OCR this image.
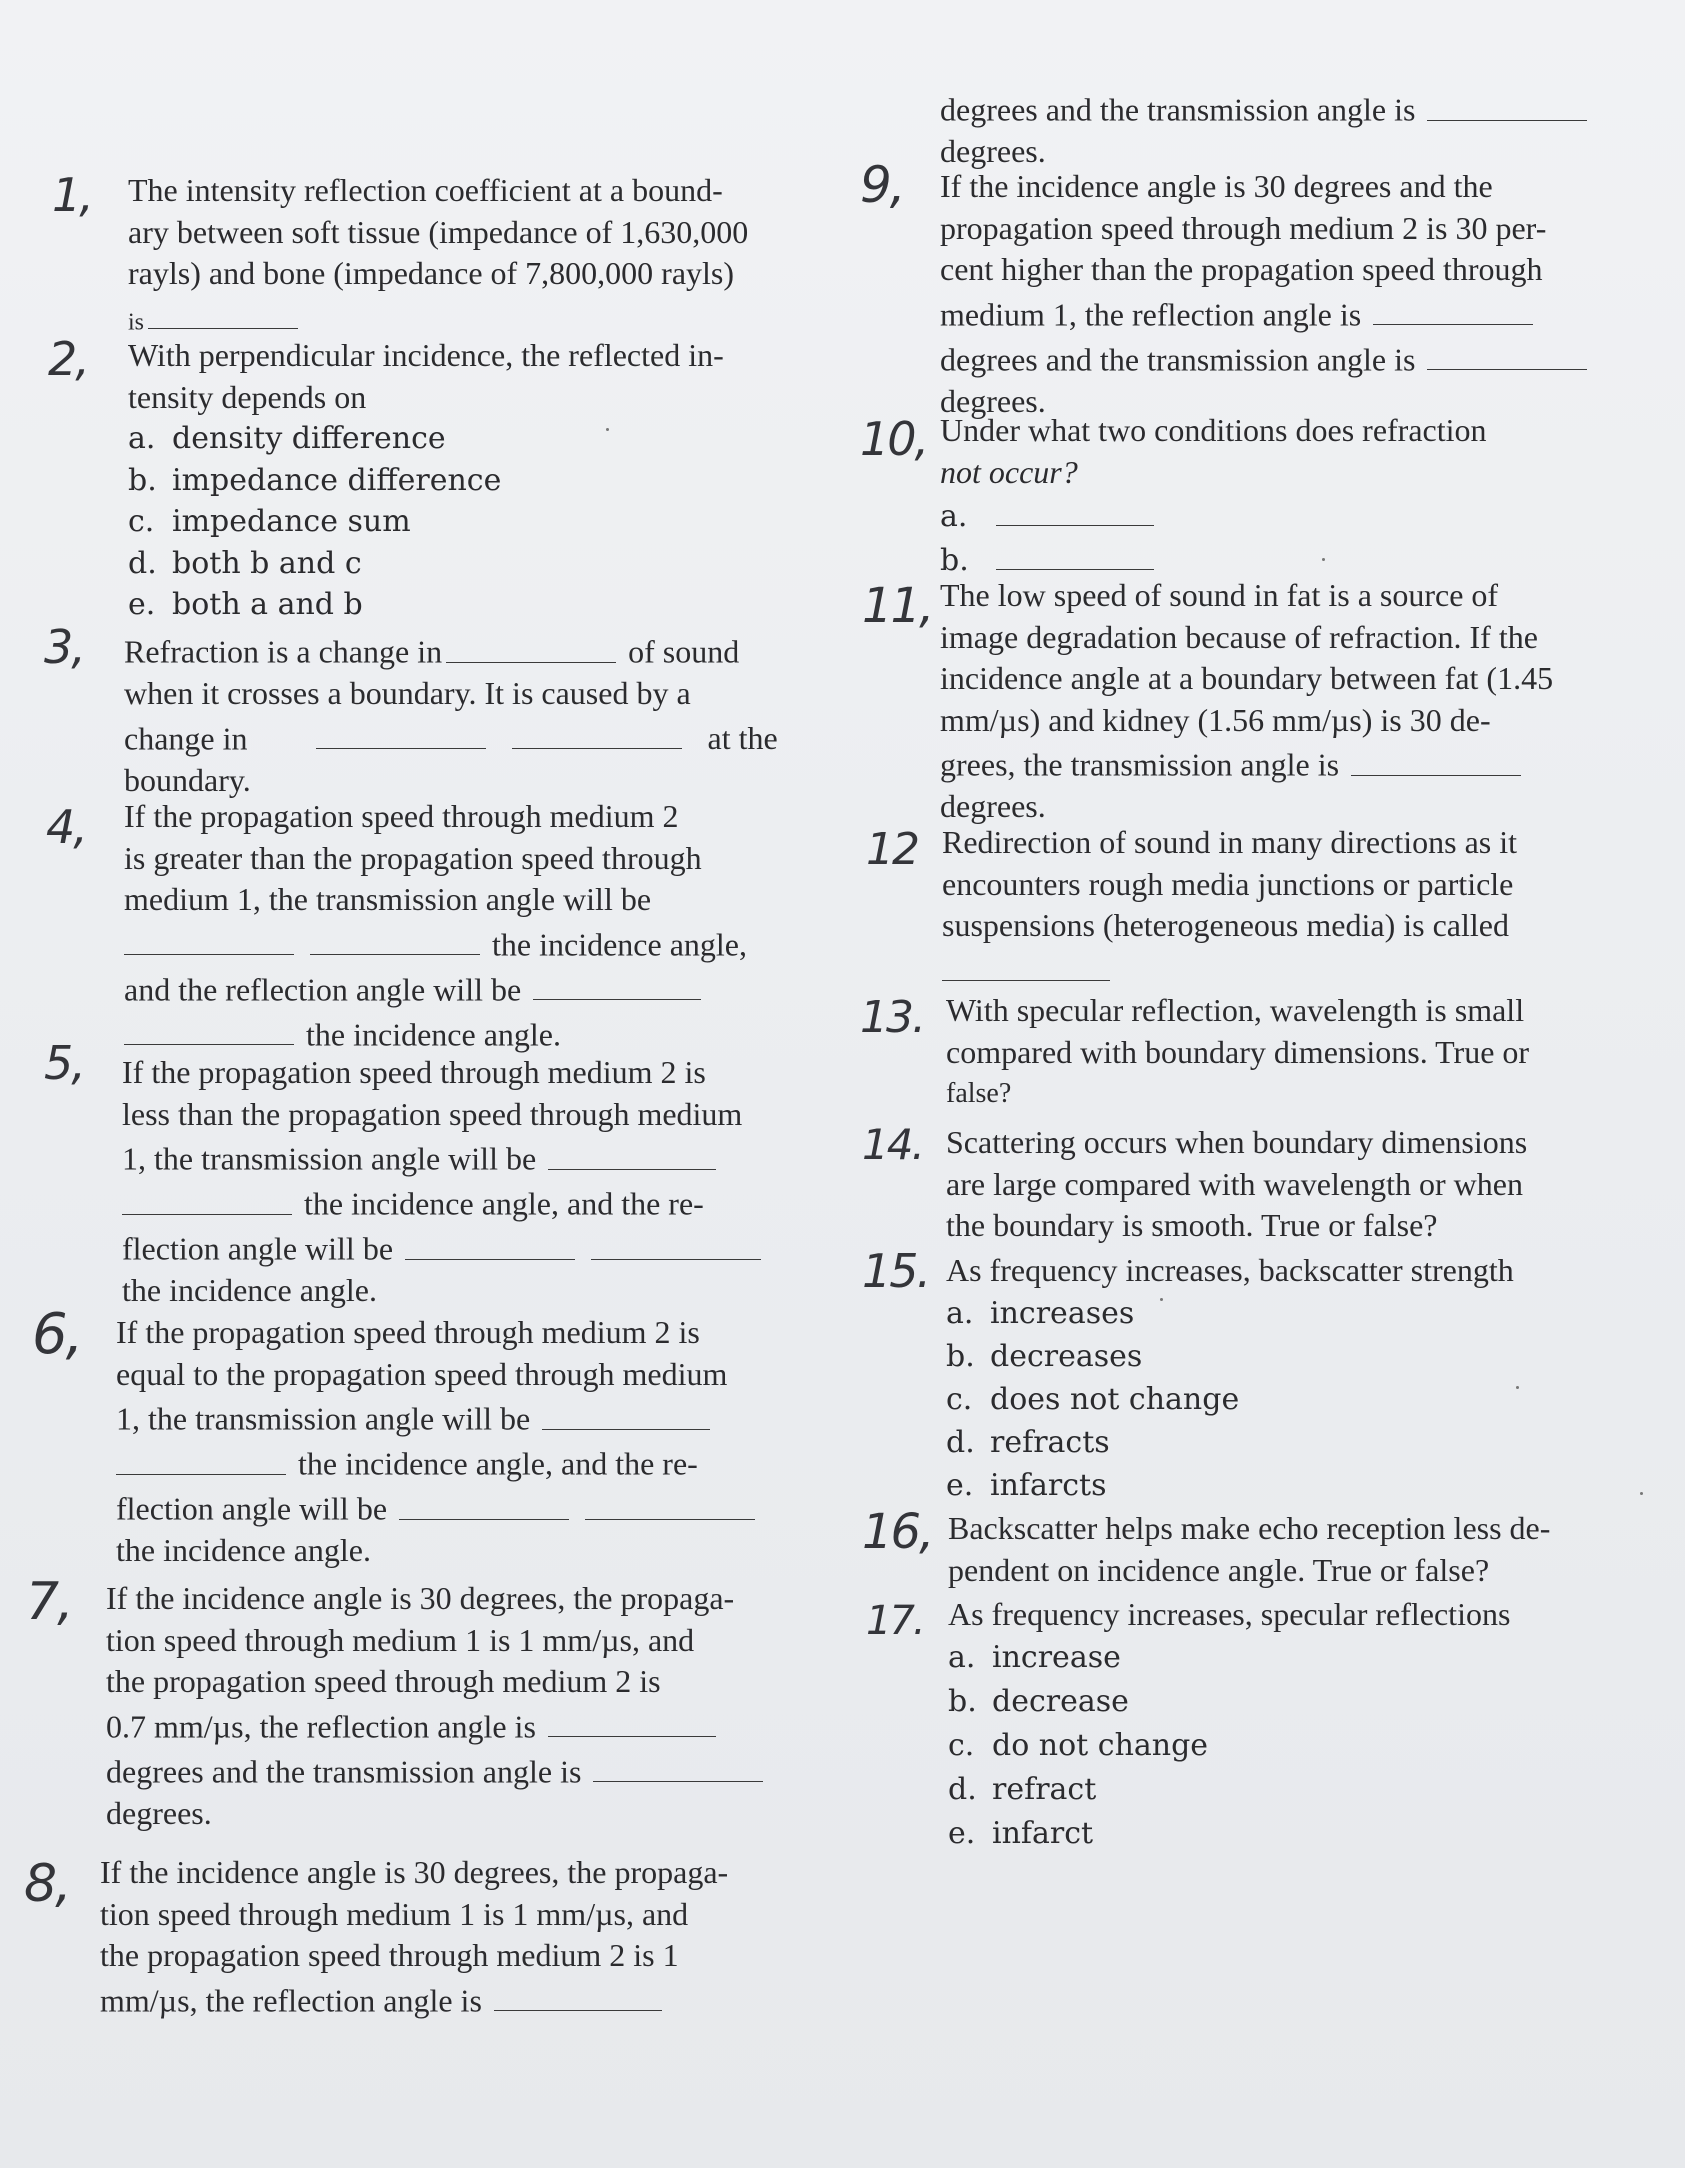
1, The intensity reflection coefficient at a bound-
ary between soft tissue (impedance of 1,630,000
rayls) and bone (impedance of 7,800,000 rayls)
is
2, With perpendicular incidence, the reflected in-
tensity depends on
a. density difference
b. impedance difference
c. impedance sum
d. both b and c
e. both a and b
3, Refraction is a change in	of sound
when it crosses a boundary. It is caused by a
change in	at the
boundary.
4, If the propagation speed through medium 2
is greater than the propagation speed through
medium 1, the transmission angle will be
the incidence angle,
and the reflection angle will be
the incidence angle.
5, If the propagation speed through medium 2 is
less than the propagation speed through medium
1, the transmission angle will be
the incidence angle, and the re-
flection angle will be
the incidence angle.
6, If the propagation speed through medium 2 is
equal to the propagation speed through medium
1, the transmission angle will be
the incidence angle, and the re-
flection angle will be
the incidence angle.
7, If the incidence angle is 30 degrees, the propaga-
tion speed through medium 1 is 1 mm/µs, and
the propagation speed through medium 2 is
0.7 mm/µs, the reflection angle is
degrees and the transmission angle is
degrees.
8, If the incidence angle is 30 degrees, the propaga-
tion speed through medium 1 is 1 mm/µs, and
the propagation speed through medium 2 is 1
mm/µs, the reflection angle is
degrees and the transmission angle is
degrees.
9, If the incidence angle is 30 degrees and the
propagation speed through medium 2 is 30 per-
cent higher than the propagation speed through
medium 1, the reflection angle is
degrees and the transmission angle is
degrees.
10, Under what two conditions does refraction
not occur?
a.
b.
11, The low speed of sound in fat is a source of
image degradation because of refraction. If the
incidence angle at a boundary between fat (1.45
mm/µs) and kidney (1.56 mm/µs) is 30 de-
grees, the transmission angle is
degrees.
12 Redirection of sound in many directions as it
encounters rough media junctions or particle
suspensions (heterogeneous media) is called
13. With specular reflection, wavelength is small
compared with boundary dimensions. True or
false?
14. Scattering occurs when boundary dimensions
are large compared with wavelength or when
the boundary is smooth. True or false?
15. As frequency increases, backscatter strength
a. increases
b. decreases
c. does not change
d. refracts
e. infarcts
16, Backscatter helps make echo reception less de-
pendent on incidence angle. True or false?
17. As frequency increases, specular reflections
a. increase
b. decrease
c. do not change
d. refract
e. infarct
